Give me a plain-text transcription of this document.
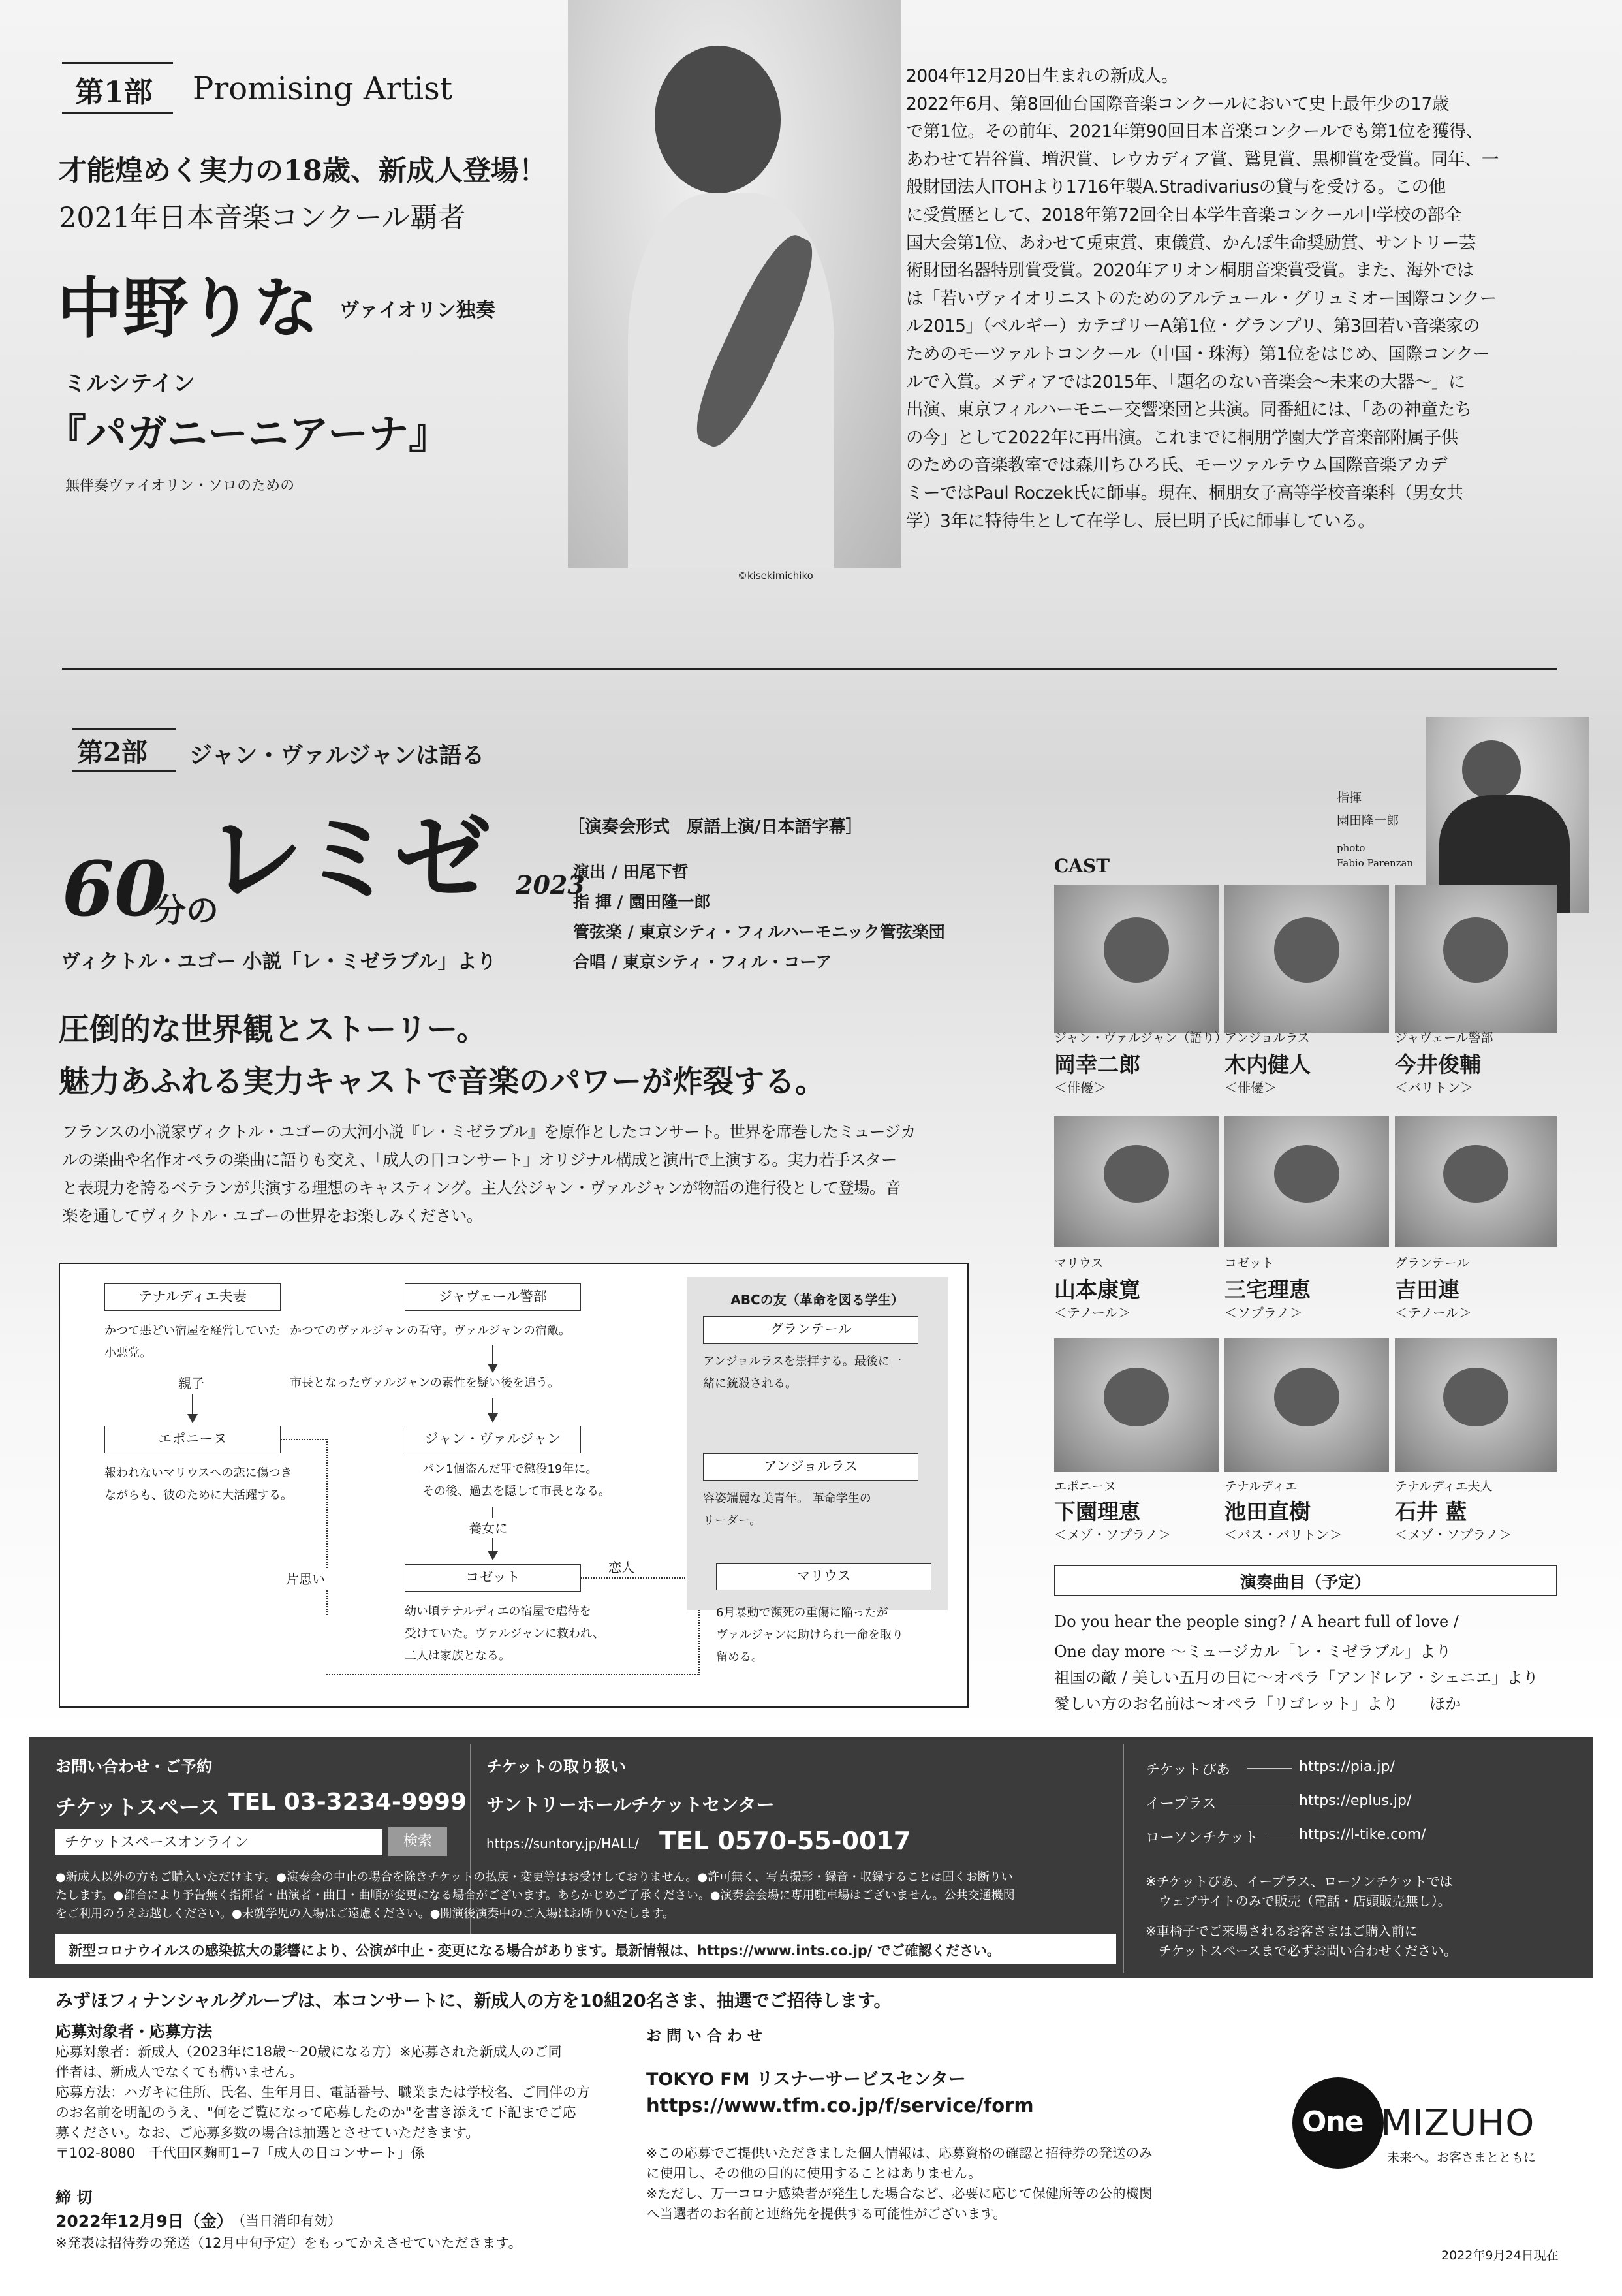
第1部 Promising Artist
才能煌めく実力の18歳、新成人登場！
2021年日本音楽コンクール覇者
中野りな ヴァイオリン独奏
ミルシテイン
『パガニーニアーナ』
無伴奏ヴァイオリン・ソロのための
©kisekimichiko

2004年12月20日生まれの新成人。

2022年6月、第8回仙台国際音楽コンクールにおいて史上最年少の17歳

で第1位。その前年、2021年第90回日本音楽コンクールでも第1位を獲得、

あわせて岩谷賞、増沢賞、レウカディア賞、鷲見賞、黒柳賞を受賞。同年、一

般財団法人ITOHより1716年製A.Stradivariusの貸与を受ける。この他

に受賞歴として、2018年第72回全日本学生音楽コンクール中学校の部全

国大会第1位、あわせて兎束賞、東儀賞、かんぽ生命奨励賞、サントリー芸

術財団名器特別賞受賞。2020年アリオン桐朋音楽賞受賞。また、海外では

は「若いヴァイオリニストのためのアルテュール・グリュミオー国際コンクー

ル2015」（ベルギー）カテゴリーA第1位・グランプリ、第3回若い音楽家の

ためのモーツァルトコンクール（中国・珠海）第1位をはじめ、国際コンクー

ルで入賞。メディアでは2015年、「題名のない音楽会〜未来の大器〜」に

出演、東京フィルハーモニー交響楽団と共演。同番組には、「あの神童たち

の今」として2022年に再出演。これまでに桐朋学園大学音楽部附属子供

のための音楽教室では森川ちひろ氏、モーツァルテウム国際音楽アカデ

ミーではPaul Roczek氏に師事。現在、桐朋女子高等学校音楽科（男女共

学）3年に特待生として在学し、辰巳明子氏に師事している。

第2部 ジャン・ヴァルジャンは語る
60
分の
レミゼ 2023
ヴィクトル・ユゴー 小説「レ・ミゼラブル」より
［演奏会形式　原語上演/日本語字幕］
演出 / 田尾下哲
指 揮 / 園田隆一郎
管弦楽 / 東京シティ・フィルハーモニック管弦楽団
合唱 / 東京シティ・フィル・コーア
指揮
園田隆一郎
photo
Fabio Parenzan
CAST
ジャン・ヴァルジャン（語り）
岡幸二郎
＜俳優＞
アンジョルラス
木内健人
＜俳優＞
ジャヴェール警部
今井俊輔
＜バリトン＞
マリウス
山本康寛
＜テノール＞
コゼット
三宅理恵
＜ソプラノ＞
グランテール
吉田連
＜テノール＞
エポニーヌ
下園理恵
＜メゾ・ソプラノ＞
テナルディエ
池田直樹
＜バス・バリトン＞
テナルディエ夫人
石井 藍
＜メゾ・ソプラノ＞
演奏曲目（予定）
Do you hear the people sing? / A heart full of love /
One day more 〜ミュージカル「レ・ミゼラブル」より
祖国の敵 / 美しい五月の日に〜オペラ「アンドレア・シェニエ」より
愛しい方のお名前は〜オペラ「リゴレット」より　　ほか
圧倒的な世界観とストーリー。
魅力あふれる実力キャストで音楽のパワーが炸裂する。

フランスの小説家ヴィクトル・ユゴーの大河小説『レ・ミゼラブル』を原作としたコンサート。世界を席巻したミュージカ

ルの楽曲や名作オペラの楽曲に語りも交え、「成人の日コンサート」オリジナル構成と演出で上演する。実力若手スター

と表現力を誇るベテランが共演する理想のキャスティング。主人公ジャン・ヴァルジャンが物語の進行役として登場。音

楽を通してヴィクトル・ユゴーの世界をお楽しみください。

テナルディエ夫妻
かつて悪どい宿屋を経営していた
小悪党。
親子
エポニーヌ
報われないマリウスへの恋に傷つき
ながらも、彼のために大活躍する。
ジャヴェール警部
かつてのヴァルジャンの看守。ヴァルジャンの宿敵。
市長となったヴァルジャンの素性を疑い後を追う。
ジャン・ヴァルジャン
パン1個盗んだ罪で懲役19年に。
その後、過去を隠して市長となる。
養女に
コゼット
幼い頃テナルディエの宿屋で虐待を
受けていた。ヴァルジャンに救われ、
二人は家族となる。
片思い
恋人
ABCの友（革命を図る学生）
グランテール
アンジョルラスを崇拝する。最後に一
緒に銃殺される。
アンジョルラス
容姿端麗な美青年。 革命学生の
リーダー。
マリウス
6月暴動で瀕死の重傷に陥ったが
ヴァルジャンに助けられ一命を取り
留める。
お問い合わせ・ご予約
チケットスペース TEL 03-3234-9999
チケットスペースオンライン	検索
チケットの取り扱い
サントリーホールチケットセンター
https://suntory.jp/HALL/ TEL 0570-55-0017
チケットぴあ	https://pia.jp/
イープラス	https://eplus.jp/
ローソンチケット	https://l-tike.com/
●新成人以外の方もご購入いただけます。●演奏会の中止の場合を除きチケットの払戻・変更等はお受けしておりません。●許可無く、写真撮影・録音・収録することは固くお断りい
たします。●都合により予告無く指揮者・出演者・曲目・曲順が変更になる場合がございます。あらかじめご了承ください。●演奏会会場に専用駐車場はございません。公共交通機関
をご利用のうえお越しください。●未就学児の入場はご遠慮ください。●開演後演奏中のご入場はお断りいたします。
※チケットぴあ、イープラス、ローソンチケットでは
　ウェブサイトのみで販売（電話・店頭販売無し）。
※車椅子でご来場されるお客さまはご購入前に
　チケットスペースまで必ずお問い合わせください。
新型コロナウイルスの感染拡大の影響により、公演が中止・変更になる場合があります。最新情報は、https://www.ints.co.jp/ でご確認ください。
みずほフィナンシャルグループは、本コンサートに、新成人の方を10組20名さま、抽選でご招待します。
応募対象者・応募方法

応募対象者：新成人（2023年に18歳〜20歳になる方）※応募された新成人のご同

伴者は、新成人でなくても構いません。

応募方法：ハガキに住所、氏名、生年月日、電話番号、職業または学校名、ご同伴の方

のお名前を明記のうえ、"何をご覧になって応募したのか"を書き添えて下記までご応

募ください。なお、ご応募多数の場合は抽選とさせていただきます。

〒102-8080　千代田区麹町1−7「成人の日コンサート」係

締 切
2022年12月9日（金）
（当日消印有効）
※発表は招待券の発送（12月中旬予定）をもってかえさせていただきます。
お 問 い 合 わ せ
TOKYO FM リスナーサービスセンター
https://www.tfm.co.jp/f/service/form

※この応募でご提供いただきました個人情報は、応募資格の確認と招待券の発送のみ

に使用し、その他の目的に使用することはありません。

※ただし、万一コロナ感染者が発生した場合など、必要に応じて保健所等の公的機関

へ当選者のお名前と連絡先を提供する可能性がございます。

One MIZUHO
未来へ。お客さまとともに
2022年9月24日現在
